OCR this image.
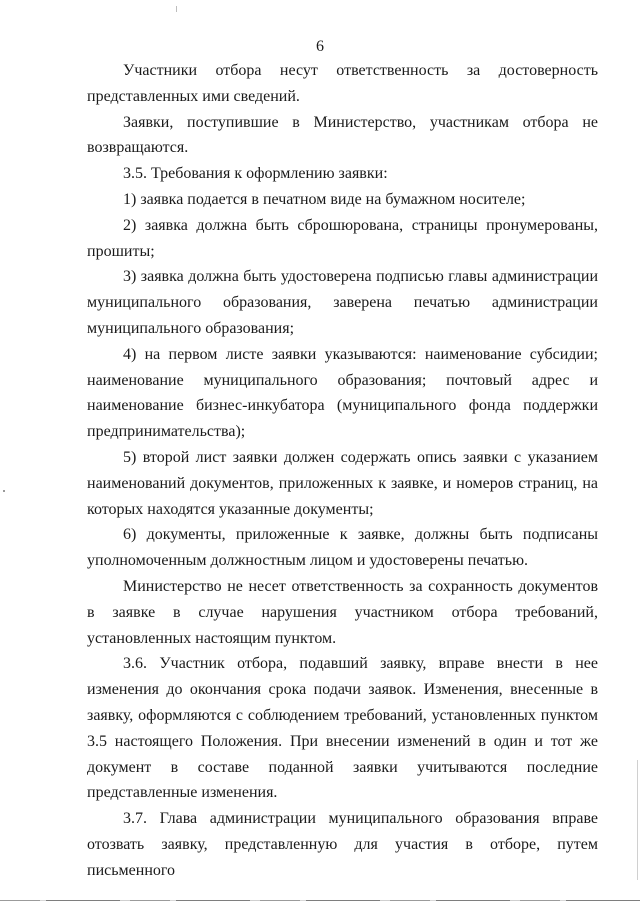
6

Участники отбора несут ответственность за достоверность представленных ими сведений.

Заявки, поступившие в Министерство, участникам отбора не возвращаются.

3.5. Требования к оформлению заявки:

1) заявка подается в печатном виде на бумажном носителе;

2) заявка должна быть сброшюрована, страницы пронумерованы, прошиты;

3) заявка должна быть удостоверена подписью главы администрации муниципального образования, заверена печатью администрации муниципального образования;

4) на первом листе заявки указываются: наименование субсидии; наименование муниципального образования; почтовый адрес и наименование бизнес-инкубатора (муниципального фонда поддержки предпринимательства);

5) второй лист заявки должен содержать опись заявки с указанием наименований документов, приложенных к заявке, и номеров страниц, на которых находятся указанные документы;

6) документы, приложенные к заявке, должны быть подписаны уполномоченным должностным лицом и удостоверены печатью.

Министерство не несет ответственность за сохранность документов в заявке в случае нарушения участником отбора требований, установленных настоящим пунктом.

3.6. Участник отбора, подавший заявку, вправе внести в нее изменения до окончания срока подачи заявок. Изменения, внесенные в заявку, оформляются с соблюдением требований, установленных пунктом 3.5 настоящего Положения. При внесении изменений в один и тот же документ в составе поданной заявки учитываются последние представленные изменения.

3.7. Глава администрации муниципального образования вправе отозвать заявку, представленную для участия в отборе, путем письменного
